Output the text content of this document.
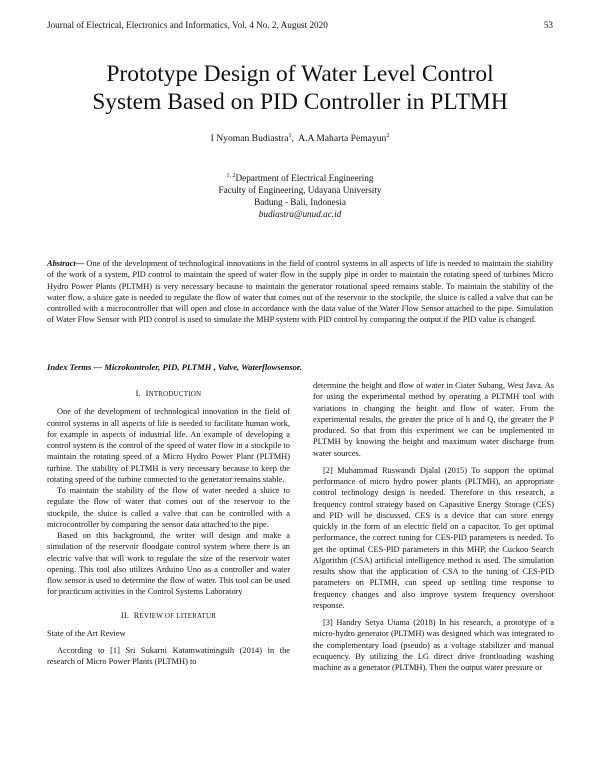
Journal of Electrical, Electronics and Informatics, Vol. 4 No. 2, August 2020	53
Prototype Design of Water Level Control
System Based on PID Controller in PLTMH
I Nyoman Budiastra$^1$,  A.A Maharta Pemayun$^2$
$^{1, 2}$Department of Electrical Engineering
Faculty of Engineering, Udayana University
Badung - Bali, Indonesia
budiastra@unud.ac.id
Abstract— One of the development of technological innovations in the field of control systems in all aspects of life is needed to maintain the stability of the work of a system, PID control to maintain the speed of water flow in the supply pipe in order to maintain the rotating speed of turbines Micro Hydro Power Plants (PLTMH) is very necessary because to maintain the generator rotational speed remains stable. To maintain the stability of the water flow, a sluice gate is needed to regulate the flow of water that comes out of the reservoir to the stockpile, the sluice is called a valve that can be controlled with a microcontroller that will open and close in accordance with the data value of the Water Flow Sensor attached to the pipe. Simulation of Water Flow Sensor with PID control is used to simulate the MHP system with PID control by comparing the output if the PID value is changed.
Index Terms — Microkontroler, PID, PLTMH , Valve, Waterflowsensor.
I. INTRODUCTION

One of the development of technological innovation in the field of control systems in all aspects of life is needed to facilitate human work, for example in aspects of industrial life. An example of developing a control system is the control of the speed of water flow in a stockpile to maintain the rotating speed of a Micro Hydro Power Plant (PLTMH) turbine. The stability of PLTMH is very necessary because to keep the rotating speed of the turbine connected to the generator remains stable.

To maintain the stability of the flow of water needed a sluice to regulate the flow of water that comes out of the reservoir to the stockpile, the sluice is called a valve that can be controlled with a microcontroller by comparing the sensor data attached to the pipe.

Based on this background, the writer will design and make a simulation of the reservoir floodgate control system where there is an electric valve that will work to regulate the size of the reservoir water opening. This tool also utilizes Arduino Uno as a controller and water flow sensor is used to determine the flow of water. This tool can be used for practicum activities in the Control Systems Laboratory

II. REVIEW OF LITERATUR

State of the Art Review

According to [1] Sri Sukarni Katamwatiningsih (2014) in the research of Micro Power Plants (PLTMH) to

determine the height and flow of water in Ciater Subang, West Java. As for using the experimental method by operating a PLTMH tool with variations in changing the height and flow of water. From the experimental results, the greater the price of h and Q, the greater the P produced. So that from this experiment we can be implemented in PLTMH by knowing the height and maximum water discharge from water sources.

[2] Muhammad Ruswandi Djalal (2015) To support the optimal performance of micro hydro power plants (PLTMH), an appropriate control technology design is needed. Therefore in this research, a frequency control strategy based on Capasitive Energy Storage (CES) and PID will be discussed. CES is a device that can store energy quickly in the form of an electric field on a capacitor. To get optimal performance, the correct tuning for CES-PID parameters is needed. To get the optimal CES-PID parameters in this MHP, the Cuckoo Search Algorithm (CSA) artificial intelligence method is used. The simulation results show that the application of CSA to the tuning of CES-PID parameters on PLTMH, can speed up settling time response to frequency changes and also improve system frequency overshoot response.

[3] Handry Setya Utama (2018) In his research, a prototype of a micro-hydro generator (PLTMH) was designed which was integrated to the complementary load (pseudo) as a voltage stabilizer and manual ecuquency. By utilizing the LG direct drive frontloading washing machine as a generator (PLTMH). Then the output water pressure or
